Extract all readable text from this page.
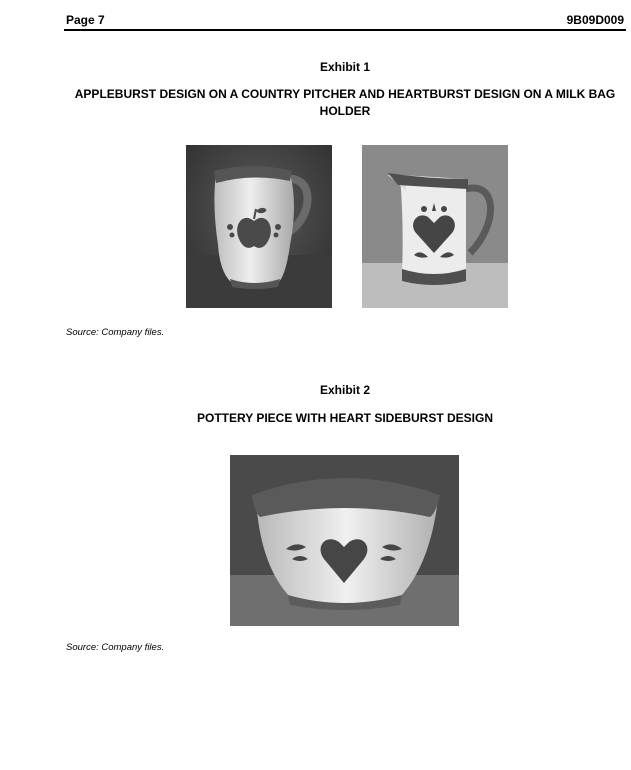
Page 7	9B09D009
Exhibit 1
APPLEBURST DESIGN ON A COUNTRY PITCHER AND HEARTBURST DESIGN ON A MILK BAG HOLDER
Source: Company files.
Exhibit 2
POTTERY PIECE WITH HEART SIDEBURST DESIGN
Source: Company files.
